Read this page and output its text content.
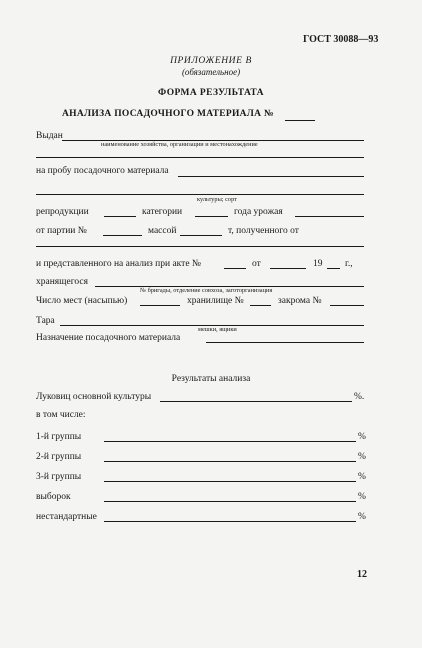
ГОСТ 30088—93
ПРИЛОЖЕНИЕ В
(обязательное)
ФОРМА РЕЗУЛЬТАТА
АНАЛИЗА ПОСАДОЧНОГО МАТЕРИАЛА №
Выдан
наименование хозяйства, организации и местонахождение
на пробу посадочного материала
культуры; сорт
репродукции	категории	года урожая
от партии №	массой	т, полученного от
и представленного на анализ при акте №	от	19 г.,
хранящегося
№ бригады, отделение совхоза, заготорганизация
Число мест (насыпью)	хранилище №	закрома №
Тара
мешки, ящики
Назначение посадочного материала
Результаты анализа
Луковиц основной культуры	%.
в том числе:
1-й группы	%
2-й группы	%
3-й группы	%
выборок	%
нестандартные	%
12
